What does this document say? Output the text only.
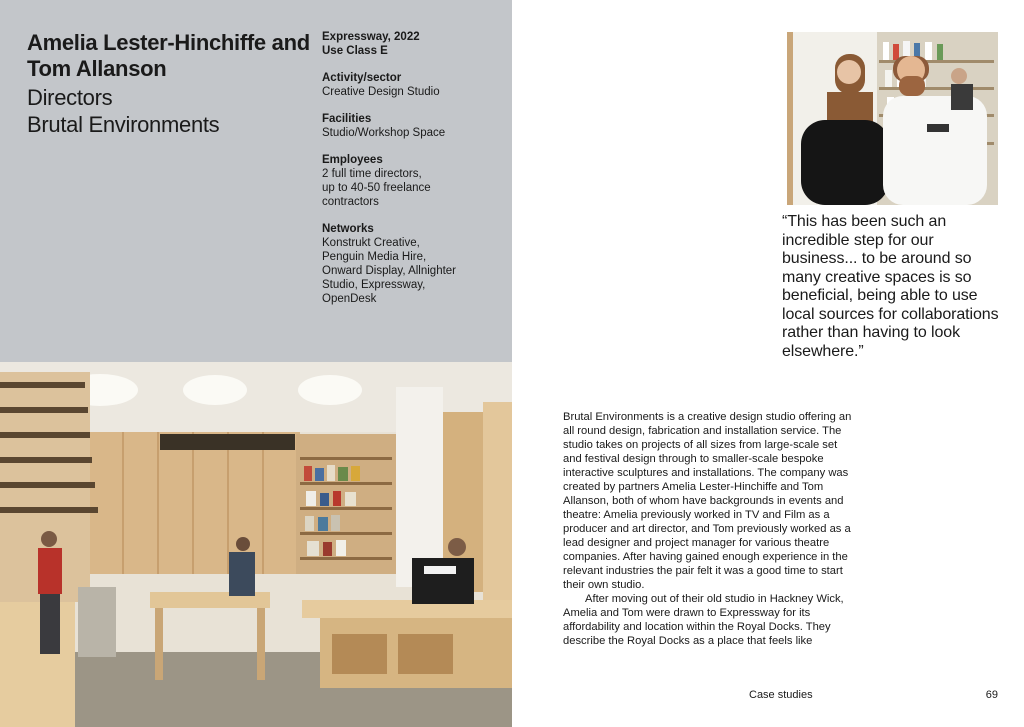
Amelia Lester-Hinchiffe and Tom Allanson
Directors
Brutal Environments
Expressway, 2022
Use Class E
Activity/sector
Creative Design Studio
Facilities
Studio/Workshop Space
Employees
2 full time directors,
up to 40-50 freelance
contractors
Networks
Konstrukt Creative,
Penguin Media Hire,
Onward Display, Allnighter
Studio, Expressway,
OpenDesk

“This has been such an incredible step for our business... to be around so many creative spaces is so beneficial, being able to use local sources for collaborations rather than having to look elsewhere.”

Brutal Environments is a creative design studio offering an all round design, fabrication and installation service. The studio takes on projects of all sizes from large-scale set and festival design through to smaller-scale bespoke interactive sculptures and installations. The company was created by partners Amelia Lester-Hinchiffe and Tom Allanson, both of whom have backgrounds in events and theatre: Amelia previously worked in TV and Film as a producer and art director, and Tom previously worked as a lead designer and project manager for various theatre companies. After having gained enough experience in the relevant industries the pair felt it was a good time to start their own studio.

After moving out of their old studio in Hackney Wick, Amelia and Tom were drawn to Expressway for its affordability and location within the Royal Docks. They describe the Royal Docks as a place that feels like

Case studies	69
